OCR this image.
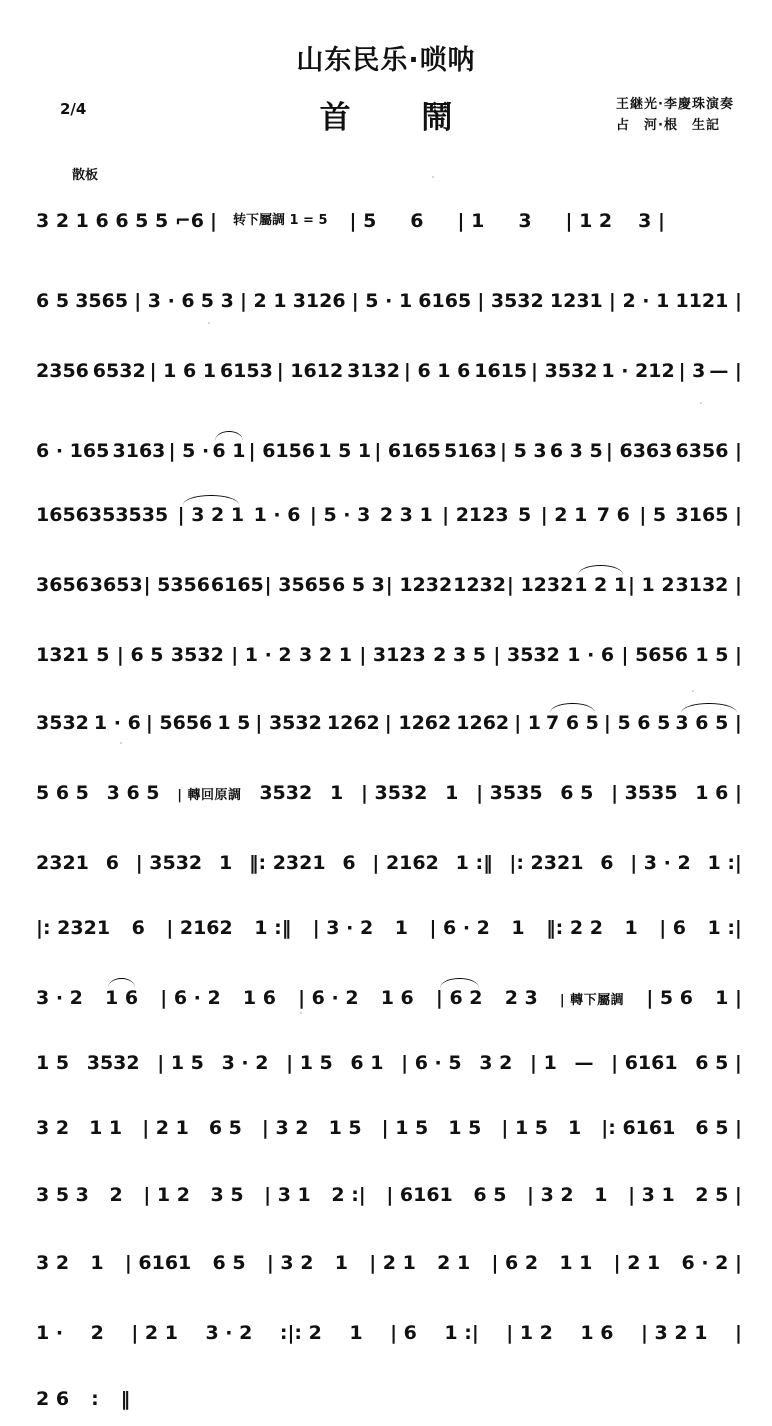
山东民乐·唢呐
首 鬧
2/4	王継光·李慶珠演奏
占　河·根　生記
散板
3 2 1 6 6 5 5 ⌐6 | 转下屬調 1 = 5 | 5 6 | 1 3 | 1 2 3 |
6 5 3565 | 3 · 6 5 3 | 2 1 3126 | 5 · 1 6165 | 3532 1231 | 2 · 1 1121 |
2356 6532 | 1 6 1 6153 | 1612 3132 | 6 1 6 1615 | 3532 1 · 212 | 3 — |
6 · 165 3163 | 5 · 6 1 | 6156 1 5 1 | 6165 5163 | 5 3 6 3 5 | 6363 6356 |
1656353535 | 3 2 1 1 · 6 | 5 · 3 2 3 1 | 2123 5 | 2 1 7 6 | 5 3165 |
3656 3653 | 5356 6165 | 3565 6 5 3 | 1232 1232 | 1232 1 2 1 | 1 2 3132 |
1321 5 | 6 5 3532 | 1 · 2 3 2 1 | 3123 2 3 5 | 3532 1 · 6 | 5656 1 5 |
3532 1 · 6 | 5656 1 5 | 3532 1262 | 1262 1262 | 1 7 6 5 | 5 6 5 3 6 5 |
5 6 5 3 6 5 | 轉回原調 3532 1 | 3532 1 | 3535 6 5 | 3535 1 6 |
2321 6 | 3532 1 ‖: 2321 6 | 2162 1 :‖ |: 2321 6 | 3 · 2 1 :|
|: 2321 6 | 2162 1 :‖ | 3 · 2 1 | 6 · 2 1 ‖: 2 2 1 | 6 1 :|
3 · 2 1 6 | 6 · 2 1 6 | 6 · 2 1 6 | 6 2 2 3 | 轉下屬調 | 5 6 1 |
1 5 3532 | 1 5 3 · 2 | 1 5 6 1 | 6 · 5 3 2 | 1 — | 6161 6 5 |
3 2 1 1 | 2 1 6 5 | 3 2 1 5 | 1 5 1 5 | 1 5 1 |: 6161 6 5 |
3 5 3 2 | 1 2 3 5 | 3 1 2 :| | 6161 6 5 | 3 2 1 | 3 1 2 5 |
3 2 1 | 6161 6 5 | 3 2 1 | 2 1 2 1 | 6 2 1 1 | 2 1 6 · 2 |
1 · 2 | 2 1 3 · 2 :|: 2 1 | 6 1 :| | 1 2 1 6 | 3 2 1 |
2 6 : ‖
